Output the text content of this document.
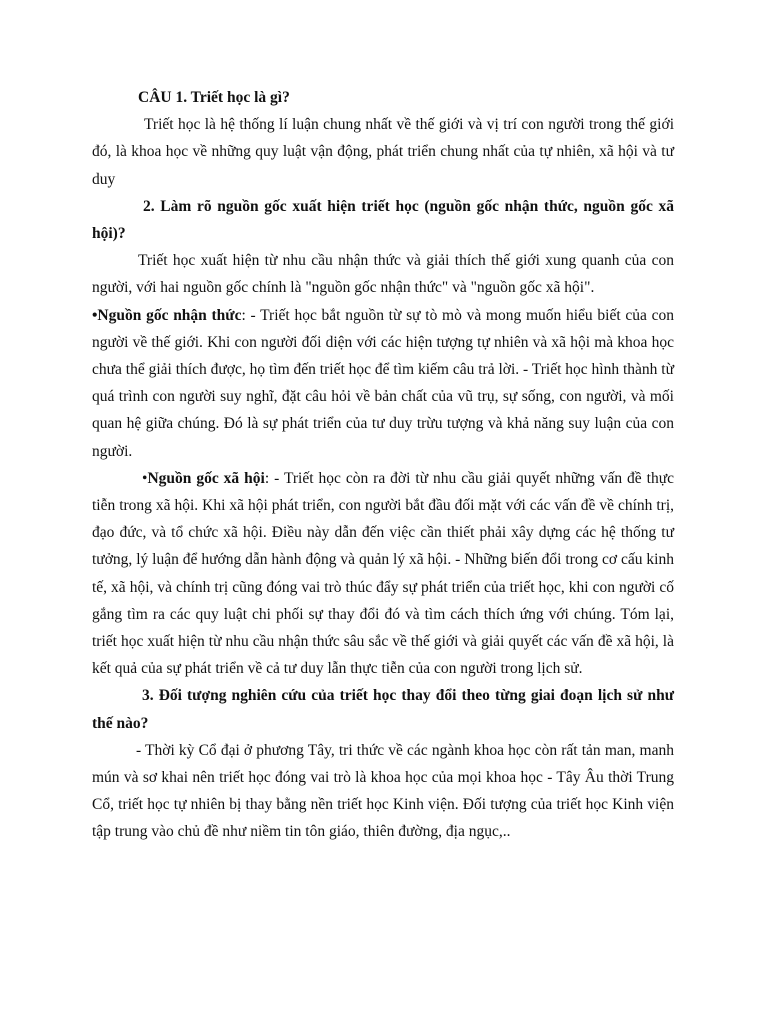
CÂU 1. Triết học là gì?

Triết học là hệ thống lí luận chung nhất về thế giới và vị trí con người trong thế giới đó, là khoa học về những quy luật vận động, phát triển chung nhất của tự nhiên, xã hội và tư duy

2. Làm rõ nguồn gốc xuất hiện triết học (nguồn gốc nhận thức, nguồn gốc xã hội)?

Triết học xuất hiện từ nhu cầu nhận thức và giải thích thế giới xung quanh của con người, với hai nguồn gốc chính là "nguồn gốc nhận thức" và "nguồn gốc xã hội".

•Nguồn gốc nhận thức: - Triết học bắt nguồn từ sự tò mò và mong muốn hiểu biết của con người về thế giới. Khi con người đối diện với các hiện tượng tự nhiên và xã hội mà khoa học chưa thể giải thích được, họ tìm đến triết học để tìm kiếm câu trả lời. - Triết học hình thành từ quá trình con người suy nghĩ, đặt câu hỏi về bản chất của vũ trụ, sự sống, con người, và mối quan hệ giữa chúng. Đó là sự phát triển của tư duy trừu tượng và khả năng suy luận của con người.

•Nguồn gốc xã hội: - Triết học còn ra đời từ nhu cầu giải quyết những vấn đề thực tiễn trong xã hội. Khi xã hội phát triển, con người bắt đầu đối mặt với các vấn đề về chính trị, đạo đức, và tổ chức xã hội. Điều này dẫn đến việc cần thiết phải xây dựng các hệ thống tư tưởng, lý luận để hướng dẫn hành động và quản lý xã hội. - Những biến đổi trong cơ cấu kinh tế, xã hội, và chính trị cũng đóng vai trò thúc đẩy sự phát triển của triết học, khi con người cố gắng tìm ra các quy luật chi phối sự thay đổi đó và tìm cách thích ứng với chúng. Tóm lại, triết học xuất hiện từ nhu cầu nhận thức sâu sắc về thế giới và giải quyết các vấn đề xã hội, là kết quả của sự phát triển về cả tư duy lẫn thực tiễn của con người trong lịch sử.

3. Đối tượng nghiên cứu của triết học thay đổi theo từng giai đoạn lịch sử như thế nào?

- Thời kỳ Cổ đại ở phương Tây, tri thức về các ngành khoa học còn rất tản man, manh mún và sơ khai nên triết học đóng vai trò là khoa học của mọi khoa học - Tây Âu thời Trung Cổ, triết học tự nhiên bị thay bằng nền triết học Kinh viện. Đối tượng của triết học Kinh viện tập trung vào chủ đề như niềm tin tôn giáo, thiên đường, địa ngục,..
